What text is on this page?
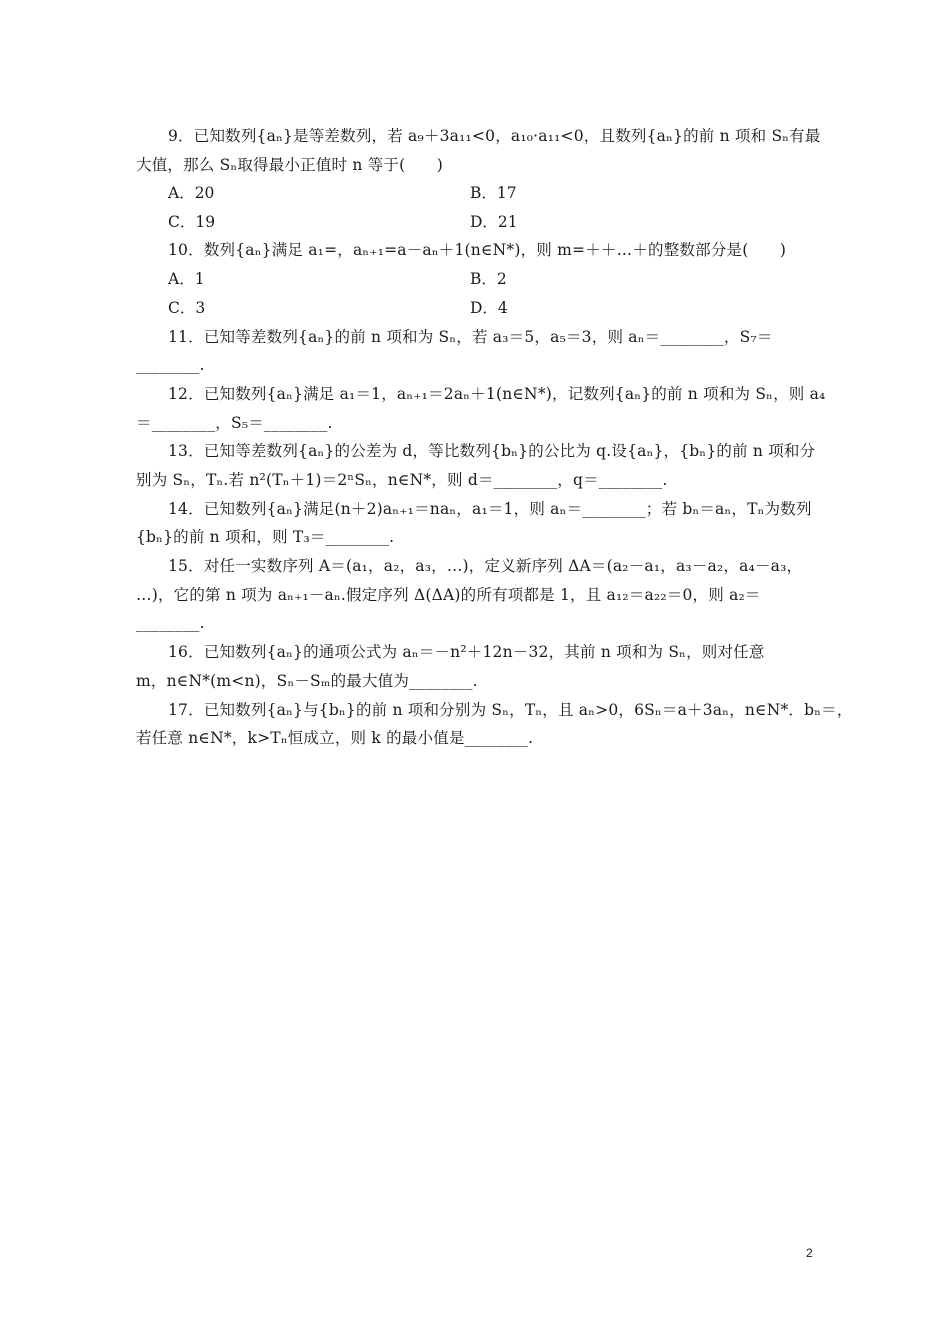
9．已知数列{aₙ}是等差数列，若 a₉＋3a₁₁<0，a₁₀·a₁₁<0，且数列{aₙ}的前 n 项和 Sₙ有最
大值，那么 Sₙ取得最小正值时 n 等于(　　)
A．20	B．17
C．19	D．21
10．数列{aₙ}满足 a₁=，aₙ₊₁=a－aₙ＋1(n∈N*)，则 m=＋＋…＋的整数部分是(　　)
A．1	B．2
C．3	D．4
11．已知等差数列{aₙ}的前 n 项和为 Sₙ，若 a₃＝5，a₅＝3，则 aₙ＝________，S₇＝
________.
12．已知数列{aₙ}满足 a₁＝1，aₙ₊₁＝2aₙ＋1(n∈N*)，记数列{aₙ}的前 n 项和为 Sₙ，则 a₄
＝________，S₅＝________.
13．已知等差数列{aₙ}的公差为 d，等比数列{bₙ}的公比为 q.设{aₙ}，{bₙ}的前 n 项和分
别为 Sₙ，Tₙ.若 n²(Tₙ＋1)＝2ⁿSₙ，n∈N*，则 d＝________，q＝________.
14．已知数列{aₙ}满足(n＋2)aₙ₊₁＝naₙ，a₁＝1，则 aₙ＝________；若 bₙ＝aₙ，Tₙ为数列
{bₙ}的前 n 项和，则 T₃＝________.
15．对任一实数序列 A＝(a₁，a₂，a₃，…)，定义新序列 ΔA＝(a₂－a₁，a₃－a₂，a₄－a₃，
…)，它的第 n 项为 aₙ₊₁－aₙ.假定序列 Δ(ΔA)的所有项都是 1，且 a₁₂＝a₂₂＝0，则 a₂＝
________.
16．已知数列{aₙ}的通项公式为 aₙ＝－n²＋12n－32，其前 n 项和为 Sₙ，则对任意
m，n∈N*(m<n)，Sₙ－Sₘ的最大值为________.
17．已知数列{aₙ}与{bₙ}的前 n 项和分别为 Sₙ，Tₙ，且 aₙ>0，6Sₙ＝a＋3aₙ，n∈N*．bₙ＝，
若任意 n∈N*，k>Tₙ恒成立，则 k 的最小值是________.
2
